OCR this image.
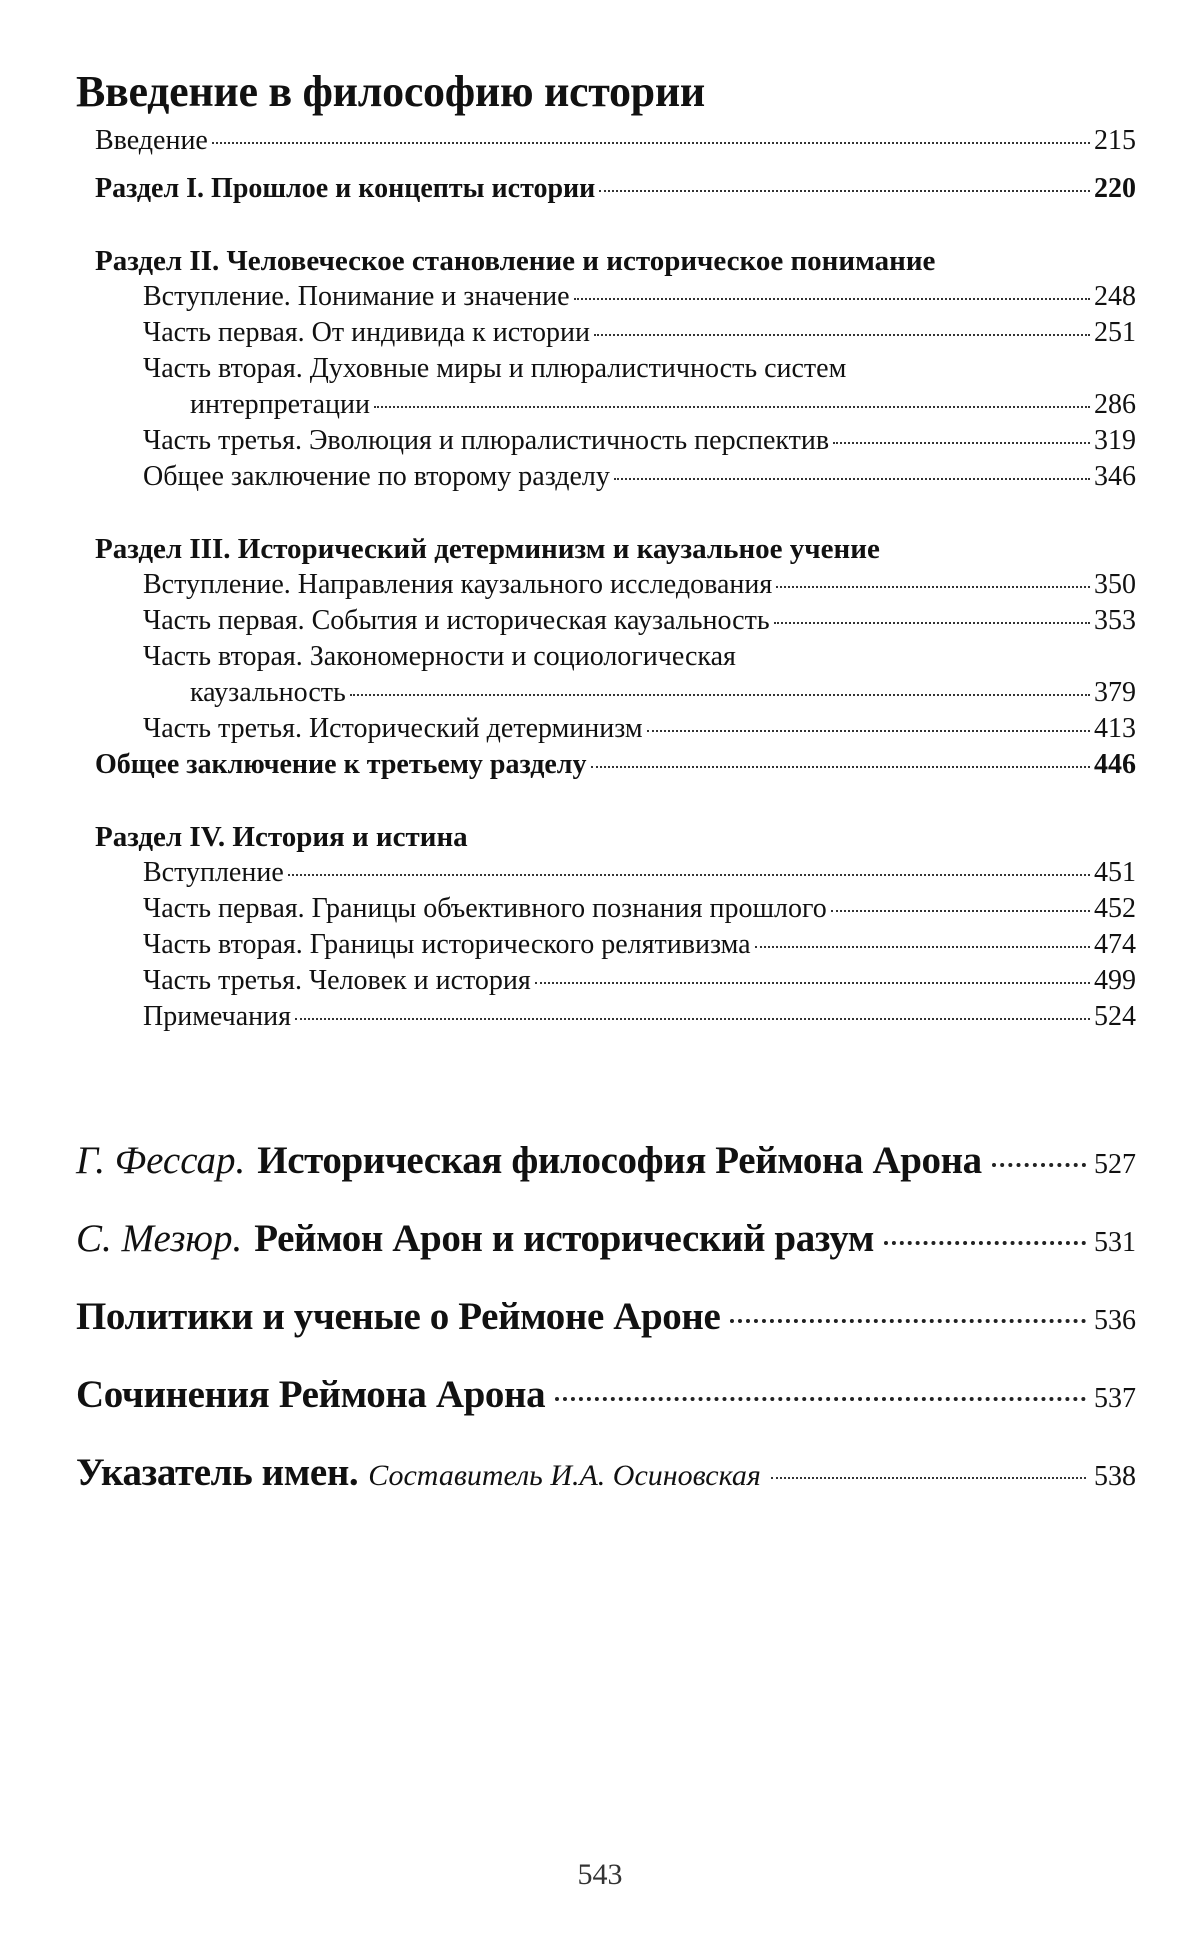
Введение в философию истории
Введение	215
Раздел I. Прошлое и концепты истории	220
Раздел II. Человеческое становление и историческое понимание
Вступление. Понимание и значение	248
Часть первая. От индивида к истории	251
Часть вторая. Духовные миры и плюралистичность систем
интерпретации	286
Часть третья. Эволюция и плюралистичность перспектив	319
Общее заключение по второму разделу	346
Раздел III. Исторический детерминизм и каузальное учение
Вступление. Направления каузального исследования	350
Часть первая. События и историческая каузальность	353
Часть вторая. Закономерности и социологическая
каузальность	379
Часть третья. Исторический детерминизм	413
Общее заключение к третьему разделу	446
Раздел IV. История и истина
Вступление	451
Часть первая. Границы объективного познания прошлого	452
Часть вторая. Границы исторического релятивизма	474
Часть третья. Человек и история	499
Примечания	524
Г. Фессар. Историческая философия Реймона Арона	527
С. Мезюр. Реймон Арон и исторический разум	531
Политики и ученые о Реймоне Ароне	536
Сочинения Реймона Арона	537
Указатель имен. Составитель И.А. Осиновская	538
543
